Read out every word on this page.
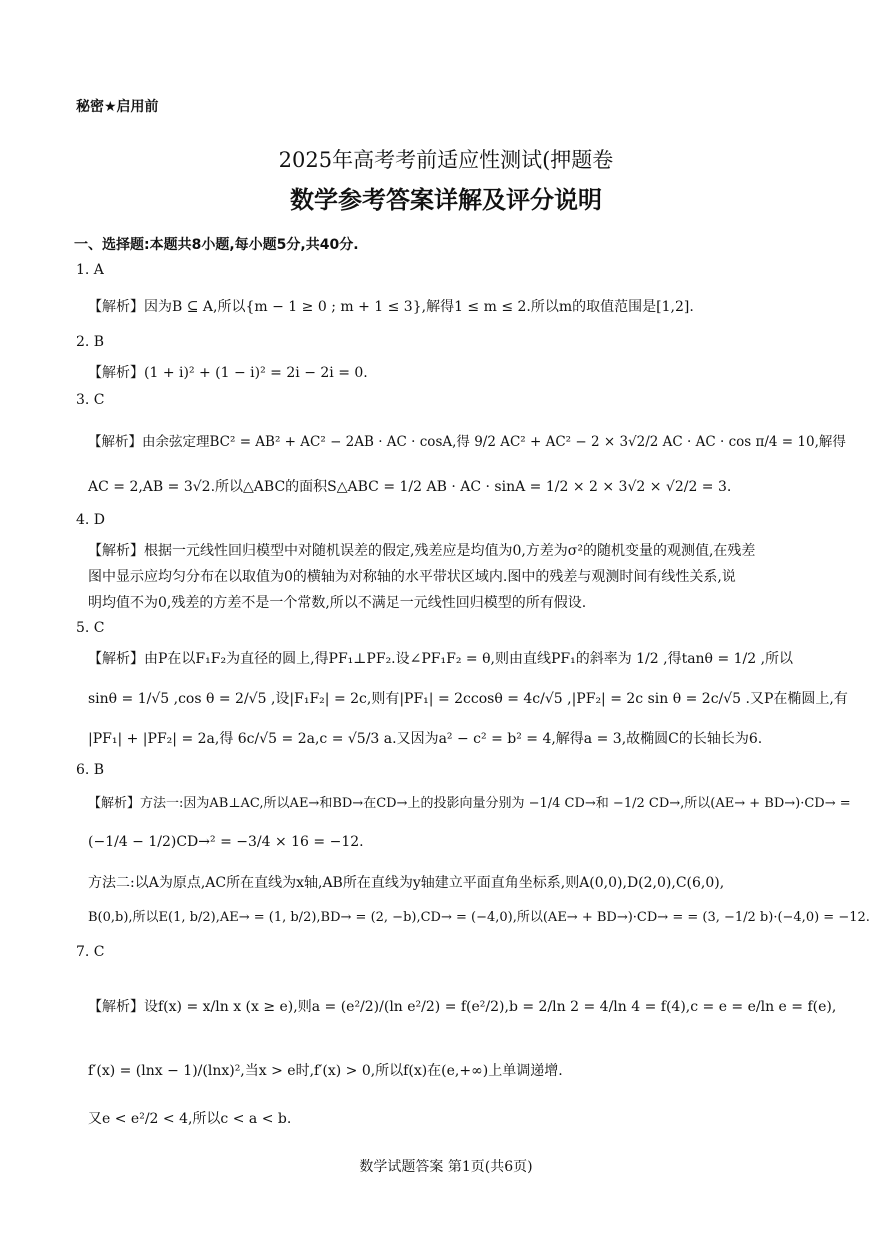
秘密★启用前
2025年高考考前适应性测试(押题卷
数学参考答案详解及评分说明
一、选择题:本题共8小题,每小题5分,共40分.
1. A
【解析】因为B ⊆ A,所以{m − 1 ≥ 0 ; m + 1 ≤ 3},解得1 ≤ m ≤ 2.所以m的取值范围是[1,2].
2. B
【解析】(1 + i)² + (1 − i)² = 2i − 2i = 0.
3. C
【解析】由余弦定理BC² = AB² + AC² − 2AB · AC · cosA,得 9/2 AC² + AC² − 2 × 3√2/2 AC · AC · cos π/4 = 10,解得
AC = 2,AB = 3√2.所以△ABC的面积S△ABC = 1/2 AB · AC · sinA = 1/2 × 2 × 3√2 × √2/2 = 3.
4. D
【解析】根据一元线性回归模型中对随机误差的假定,残差应是均值为0,方差为σ²的随机变量的观测值,在残差
图中显示应均匀分布在以取值为0的横轴为对称轴的水平带状区域内.图中的残差与观测时间有线性关系,说
明均值不为0,残差的方差不是一个常数,所以不满足一元线性回归模型的所有假设.
5. C
【解析】由P在以F₁F₂为直径的圆上,得PF₁⊥PF₂.设∠PF₁F₂ = θ,则由直线PF₁的斜率为 1/2 ,得tanθ = 1/2 ,所以
sinθ = 1/√5 ,cos θ = 2/√5 ,设|F₁F₂| = 2c,则有|PF₁| = 2ccosθ = 4c/√5 ,|PF₂| = 2c sin θ = 2c/√5 .又P在椭圆上,有
|PF₁| + |PF₂| = 2a,得 6c/√5 = 2a,c = √5/3 a.又因为a² − c² = b² = 4,解得a = 3,故椭圆C的长轴长为6.
6. B
【解析】方法一:因为AB⊥AC,所以AE→和BD→在CD→上的投影向量分别为 −1/4 CD→和 −1/2 CD→,所以(AE→ + BD→)·CD→ =
(−1/4 − 1/2)CD→² = −3/4 × 16 = −12.
方法二:以A为原点,AC所在直线为x轴,AB所在直线为y轴建立平面直角坐标系,则A(0,0),D(2,0),C(6,0),
B(0,b),所以E(1, b/2),AE→ = (1, b/2),BD→ = (2, −b),CD→ = (−4,0),所以(AE→ + BD→)·CD→ = = (3, −1/2 b)·(−4,0) = −12.
7. C
【解析】设f(x) = x/ln x (x ≥ e),则a = (e²/2)/(ln e²/2) = f(e²/2),b = 2/ln 2 = 4/ln 4 = f(4),c = e = e/ln e = f(e),
f′(x) = (lnx − 1)/(lnx)²,当x > e时,f′(x) > 0,所以f(x)在(e,+∞)上单调递增.
又e < e²/2 < 4,所以c < a < b.
数学试题答案 第1页(共6页)
